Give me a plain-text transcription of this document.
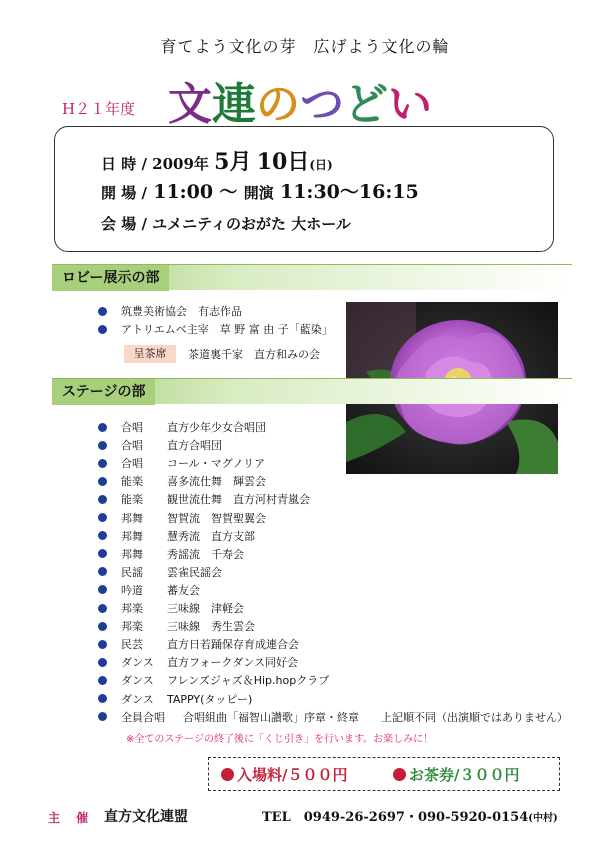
育てよう文化の芽　広げよう文化の輪
H２１年度 文連のつどい
日 時 / 2009年 5月 10日(日)
開 場 / 11:00 ～ 開演 11:30～16:15
会 場 / ユメニティのおがた 大ホール
ロビー展示の部
筑豊美術協会　有志作品
アトリエムベ主宰　草 野 富 由 子「藍染」
呈茶席	茶道裏千家　直方和みの会
ステージの部
合唱 直方少年少女合唱団
合唱 直方合唱団
合唱 コール・マグノリア
能楽 喜多流仕舞　輝雲会
能楽 観世流仕舞　直方河村青嵐会
邦舞 智賀流　智賀聖翼会
邦舞 慧秀流　直方支部
邦舞 秀謡流　千寿会
民謡 雲雀民謡会
吟道 蕃友会
邦楽 三味線　津軽会
邦楽 三味線　秀生雲会
民芸 直方日若踊保存育成連合会
ダンス 直方フォークダンス同好会
ダンス フレンズジャズ＆Hip.hopクラブ
ダンス TAPPY(タッピー)
全員合唱 合唱組曲「福智山讃歌」序章・終章　　上記順不同（出演順ではありません）
※全てのステージの終了後に「くじ引き」を行います。お楽しみに！
入場料/５００円	お茶券/３００円
主 催 直方文化連盟	TEL　0949-26-2697・090-5920-0154(中村)
